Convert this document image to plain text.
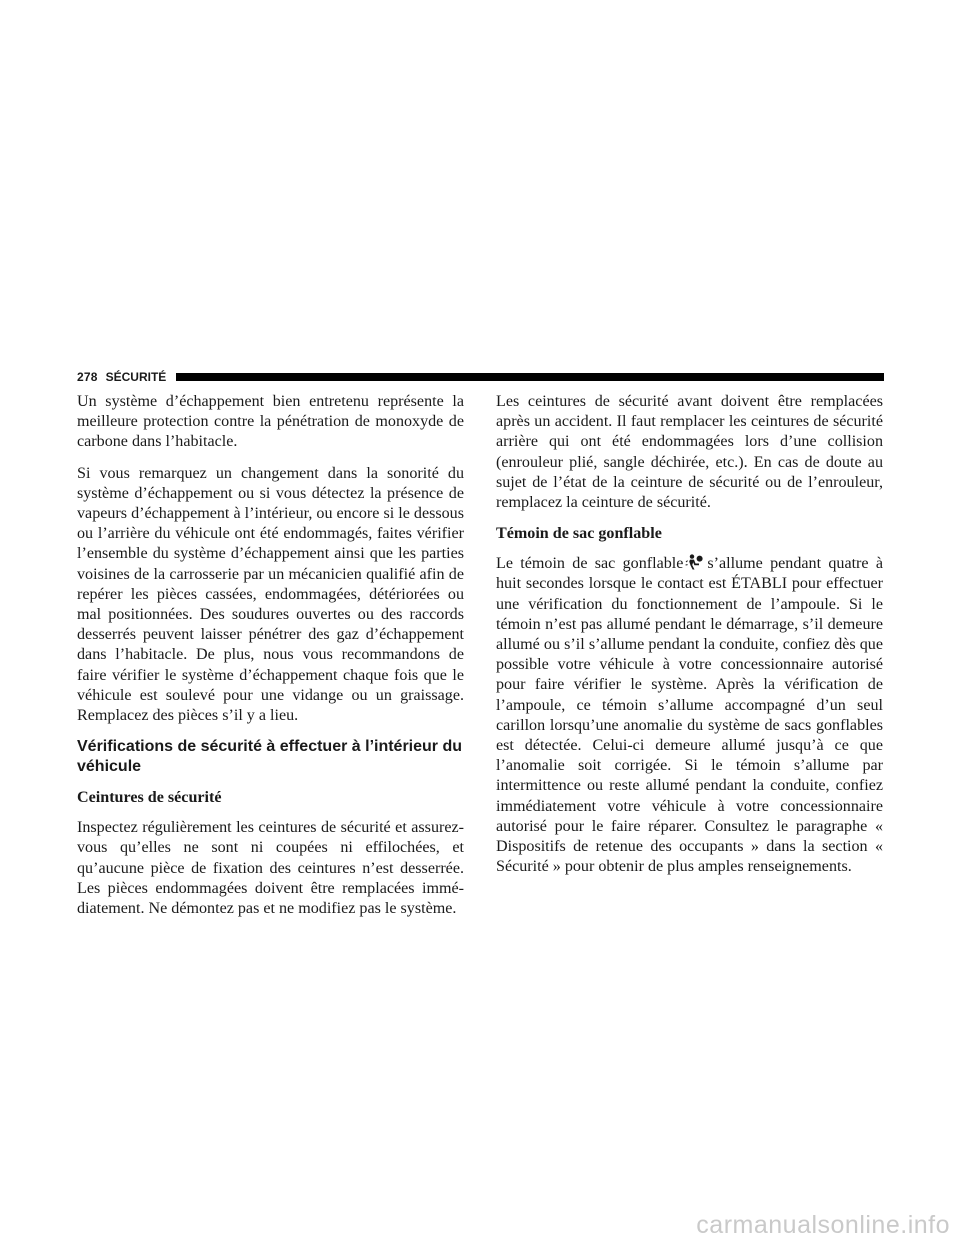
278 SÉCURITÉ

Un système d’échappement bien entretenu représente la meilleure protection contre la pénétration de monoxyde de carbone dans l’habitacle.

Si vous remarquez un changement dans la sonorité du système d’échappement ou si vous détectez la présence de vapeurs d’échappement à l’intérieur, ou encore si le dessous ou l’arrière du véhicule ont été endommagés, faites vérifier l’ensemble du système d’échappement ainsi que les parties voisines de la carrosserie par un mécanicien qualifié afin de repérer les pièces cassées, endommagées, détériorées ou mal positionnées. Des soudures ouvertes ou des raccords desserrés peuvent laisser pénétrer des gaz d’échappement dans l’habitacle. De plus, nous vous recommandons de faire vérifier le système d’échappement chaque fois que le véhicule est soulevé pour une vidange ou un graissage. Remplacez des pièces s’il y a lieu.

Vérifications de sécurité à effectuer à l’intérieur du véhicule
Ceintures de sécurité

Inspectez régulièrement les ceintures de sécurité et assurez-vous qu’elles ne sont ni coupées ni effilochées, et qu’aucune pièce de fixation des ceintures n’est desserrée. Les pièces endommagées doivent être remplacées immédiatement. Ne démontez pas et ne modifiez pas le système.

Les ceintures de sécurité avant doivent être remplacées après un accident. Il faut remplacer les ceintures de sécurité arrière qui ont été endommagées lors d’une collision (enrouleur plié, sangle déchirée, etc.). En cas de doute au sujet de l’état de la ceinture de sécurité ou de l’enrouleur, remplacez la ceinture de sécurité.

Témoin de sac gonflable

Le témoin de sac gonflable s’allume pendant quatre à huit secondes lorsque le contact est ÉTABLI pour effectuer une vérification du fonctionnement de l’ampoule. Si le témoin n’est pas allumé pendant le démarrage, s’il demeure allumé ou s’il s’allume pendant la conduite, confiez dès que possible votre véhicule à votre concessionnaire autorisé pour faire vérifier le système. Après la vérification de l’ampoule, ce témoin s’allume accompagné d’un seul carillon lorsqu’une anomalie du système de sacs gonflables est détectée. Celui-ci demeure allumé jusqu’à ce que l’anomalie soit corrigée. Si le témoin s’allume par intermittence ou reste allumé pendant la conduite, confiez immédiatement votre véhicule à votre concessionnaire autorisé pour le faire réparer. Consultez le paragraphe « Dispositifs de retenue des occupants » dans la section « Sécurité » pour obtenir de plus amples renseignements.

carmanualsonline.info
